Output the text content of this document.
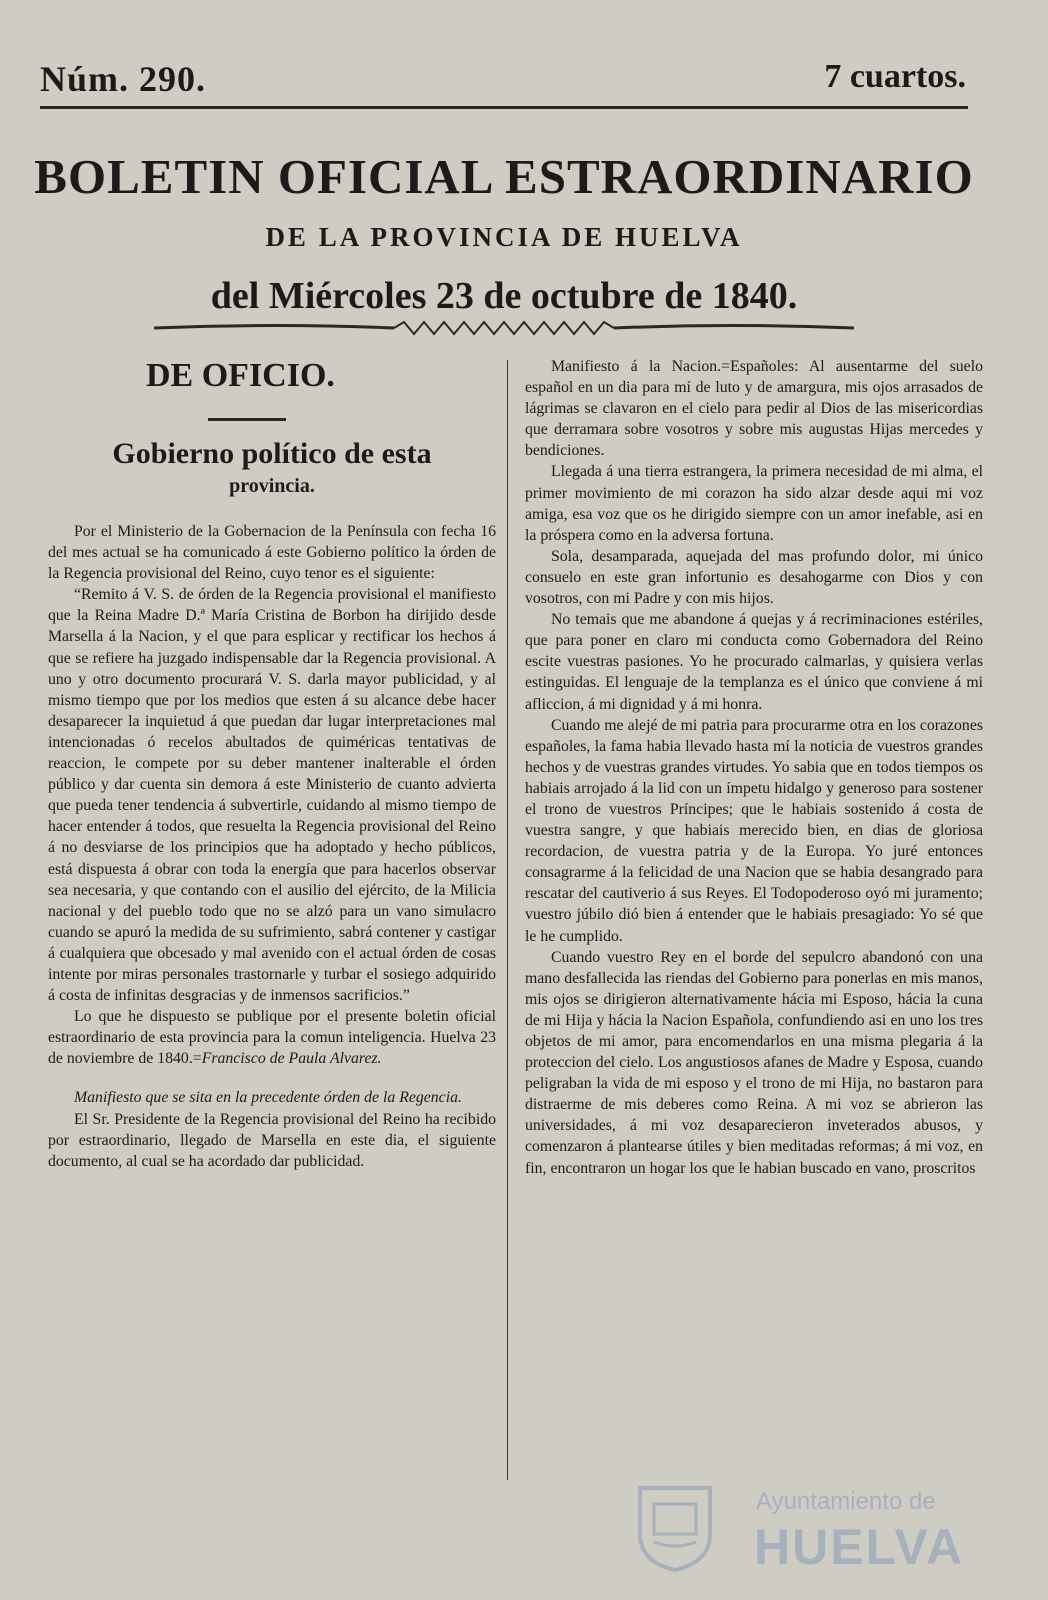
Núm. 290.	7 cuartos.
BOLETIN OFICIAL ESTRAORDINARIO
DE LA PROVINCIA DE HUELVA
del Miércoles 23 de octubre de 1840.
DE OFICIO.
Gobierno político de esta
provincia.

Por el Ministerio de la Gobernacion de la Península con fecha 16 del mes actual se ha comunicado á este Gobierno político la órden de la Regencia provisional del Reino, cuyo tenor es el siguiente:

“Remito á V. S. de órden de la Regencia provisional el manifiesto que la Reina Madre D.ª María Cristina de Borbon ha dirijido desde Marsella á la Nacion, y el que para esplicar y rectificar los hechos á que se refiere ha juzgado indispensable dar la Regencia provisional. A uno y otro documento procurará V. S. darla mayor publicidad, y al mismo tiempo que por los medios que esten á su alcance debe hacer desaparecer la inquietud á que puedan dar lugar interpretaciones mal intencionadas ó recelos abultados de quiméricas tentativas de reaccion, le compete por su deber mantener inalterable el órden público y dar cuenta sin demora á este Ministerio de cuanto advierta que pueda tener tendencia á subvertirle, cuidando al mismo tiempo de hacer entender á todos, que resuelta la Regencia provisional del Reino á no desviarse de los principios que ha adoptado y hecho públicos, está dispuesta á obrar con toda la energía que para hacerlos observar sea necesaria, y que contando con el ausilio del ejército, de la Milicia nacional y del pueblo todo que no se alzó para un vano simulacro cuando se apuró la medida de su sufrimiento, sabrá contener y castigar á cualquiera que obcesado y mal avenido con el actual órden de cosas intente por miras personales trastornarle y turbar el sosiego adquirido á costa de infinitas desgracias y de inmensos sacrificios.”

Lo que he dispuesto se publique por el presente boletin oficial estraordinario de esta provincia para la comun inteligencia. Huelva 23 de noviembre de 1840.=Francisco de Paula Alvarez.

Manifiesto que se sita en la precedente órden de la Regencia.

El Sr. Presidente de la Regencia provisional del Reino ha recibido por estraordinario, llegado de Marsella en este dia, el siguiente documento, al cual se ha acordado dar publicidad.

Manifiesto á la Nacion.=Españoles: Al ausentarme del suelo español en un dia para mí de luto y de amargura, mis ojos arrasados de lágrimas se clavaron en el cielo para pedir al Dios de las misericordias que derramara sobre vosotros y sobre mis augustas Hijas mercedes y bendiciones.

Llegada á una tierra estrangera, la primera necesidad de mi alma, el primer movimiento de mi corazon ha sido alzar desde aqui mi voz amiga, esa voz que os he dirigido siempre con un amor inefable, asi en la próspera como en la adversa fortuna.

Sola, desamparada, aquejada del mas profundo dolor, mi único consuelo en este gran infortunio es desahogarme con Dios y con vosotros, con mi Padre y con mis hijos.

No temais que me abandone á quejas y á recriminaciones estériles, que para poner en claro mi conducta como Gobernadora del Reino escite vuestras pasiones. Yo he procurado calmarlas, y quisiera verlas estinguidas. El lenguaje de la templanza es el único que conviene á mi afliccion, á mi dignidad y á mi honra.

Cuando me alejé de mi patria para procurarme otra en los corazones españoles, la fama habia llevado hasta mí la noticia de vuestros grandes hechos y de vuestras grandes virtudes. Yo sabia que en todos tiempos os habiais arrojado á la lid con un ímpetu hidalgo y generoso para sostener el trono de vuestros Príncipes; que le habiais sostenido á costa de vuestra sangre, y que habiais merecido bien, en dias de gloriosa recordacion, de vuestra patria y de la Europa. Yo juré entonces consagrarme á la felicidad de una Nacion que se habia desangrado para rescatar del cautiverio á sus Reyes. El Todopoderoso oyó mi juramento; vuestro júbilo dió bien á entender que le habiais presagiado: Yo sé que le he cumplido.

Cuando vuestro Rey en el borde del sepulcro abandonó con una mano desfallecida las riendas del Gobierno para ponerlas en mis manos, mis ojos se dirigieron alternativamente hácia mi Esposo, hácia la cuna de mi Hija y hácia la Nacion Española, confundiendo asi en uno los tres objetos de mi amor, para encomendarlos en una misma plegaria á la proteccion del cielo. Los angustiosos afanes de Madre y Esposa, cuando peligraban la vida de mi esposo y el trono de mi Hija, no bastaron para distraerme de mis deberes como Reina. A mi voz se abrieron las universidades, á mi voz desaparecieron inveterados abusos, y comenzaron á plantearse útiles y bien meditadas reformas; á mi voz, en fin, encontraron un hogar los que le habian buscado en vano, proscritos

Ayuntamiento de
HUELVA
